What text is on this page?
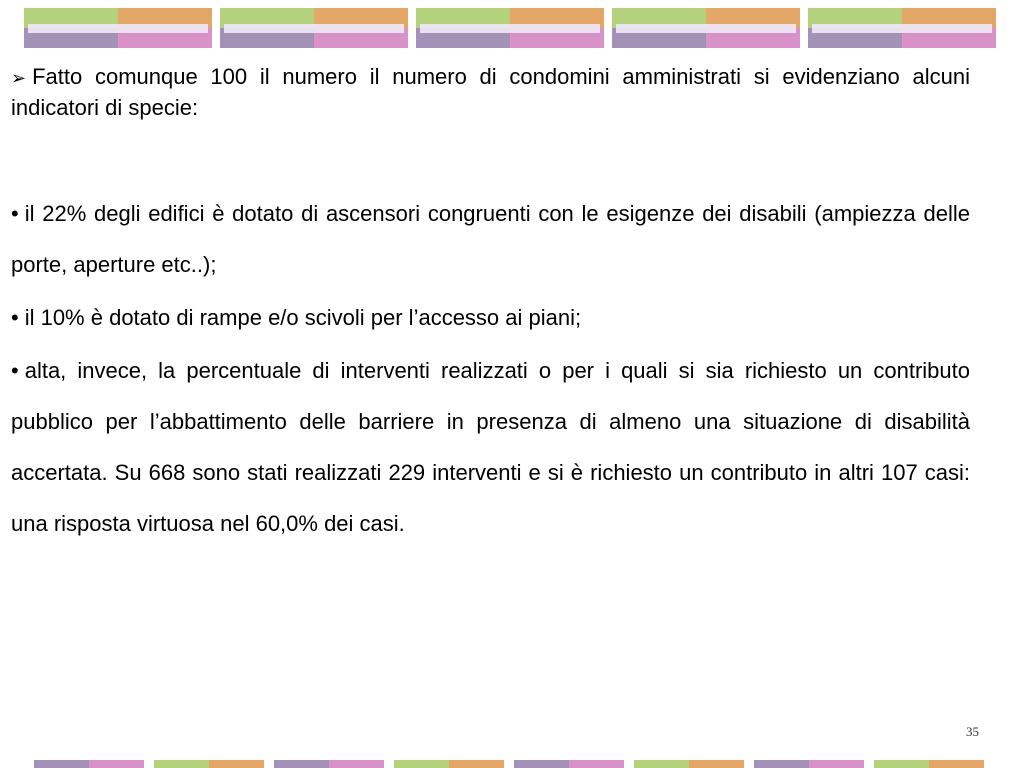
➢ Fatto comunque 100 il numero il numero di condomini amministrati si evidenziano alcuni indicatori di specie:

• il 22% degli edifici è dotato di ascensori congruenti con le esigenze dei disabili (ampiezza delle porte, aperture etc..);

• il 10% è dotato di rampe e/o scivoli per l’accesso ai piani;

• alta, invece, la percentuale di interventi realizzati o per i quali si sia richiesto un contributo pubblico per l’abbattimento delle barriere in presenza di almeno una situazione di disabilità accertata. Su 668 sono stati realizzati 229 interventi e si è richiesto un contributo in altri 107 casi: una risposta virtuosa nel 60,0% dei casi.

35
